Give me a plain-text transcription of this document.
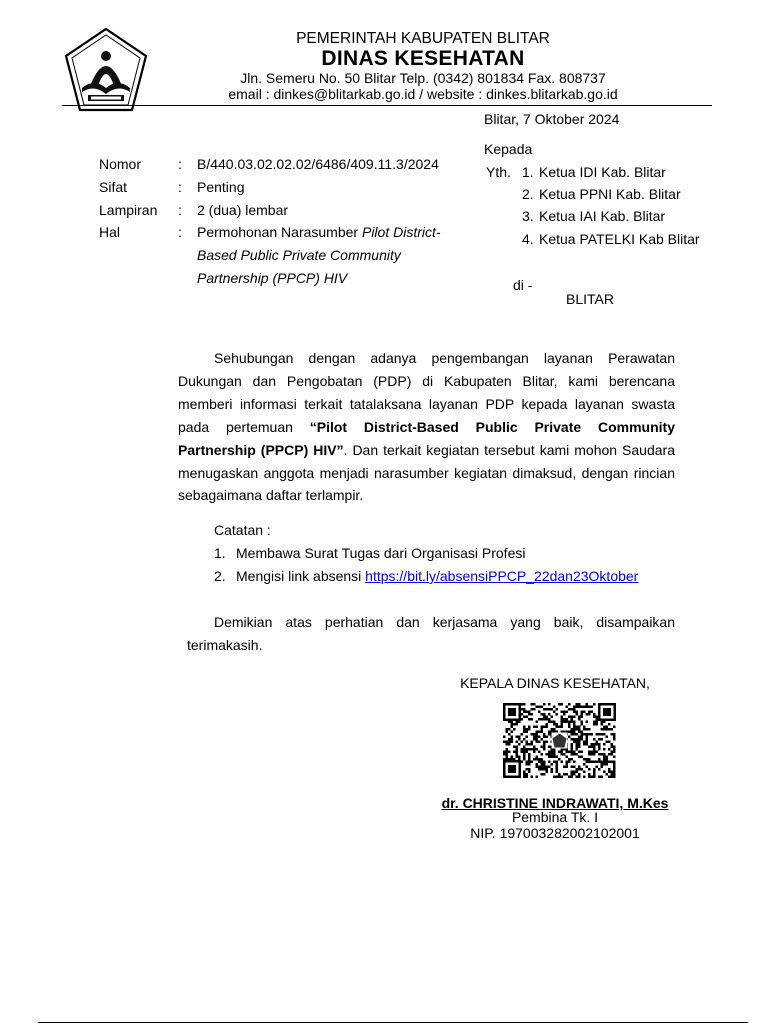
PEMERINTAH KABUPATEN BLITAR
DINAS KESEHATAN
Jln. Semeru No. 50 Blitar Telp. (0342) 801834 Fax. 808737
email : dinkes@blitarkab.go.id / website : dinkes.blitarkab.go.id
Blitar, 7 Oktober 2024
Kepada
Yth. 1. Ketua IDI Kab. Blitar
2. Ketua PPNI Kab. Blitar
3. Ketua IAI Kab. Blitar
4. Ketua PATELKI Kab Blitar
di -
BLITAR
Nomor	: B/440.03.02.02.02/6486/409.11.3/2024
Sifat	: Penting
Lampiran : 2 (dua) lembar
Hal	: Permohonan Narasumber Pilot District-
Based Public Private Community
Partnership (PPCP) HIV
Sehubungan dengan adanya pengembangan layanan Perawatan Dukungan dan Pengobatan (PDP) di Kabupaten Blitar, kami berencana memberi informasi terkait tatalaksana layanan PDP kepada layanan swasta pada pertemuan “Pilot District-Based Public Private Community Partnership (PPCP) HIV”. Dan terkait kegiatan tersebut kami mohon Saudara menugaskan anggota menjadi narasumber kegiatan dimaksud, dengan rincian sebagaimana daftar terlampir.
Catatan :
1. Membawa Surat Tugas dari Organisasi Profesi
2. Mengisi link absensi https://bit.ly/absensiPPCP_22dan23Oktober
Demikian atas perhatian dan kerjasama yang baik, disampaikan terimakasih.
KEPALA DINAS KESEHATAN,
dr. CHRISTINE INDRAWATI, M.Kes
Pembina Tk. I
NIP. 197003282002102001
